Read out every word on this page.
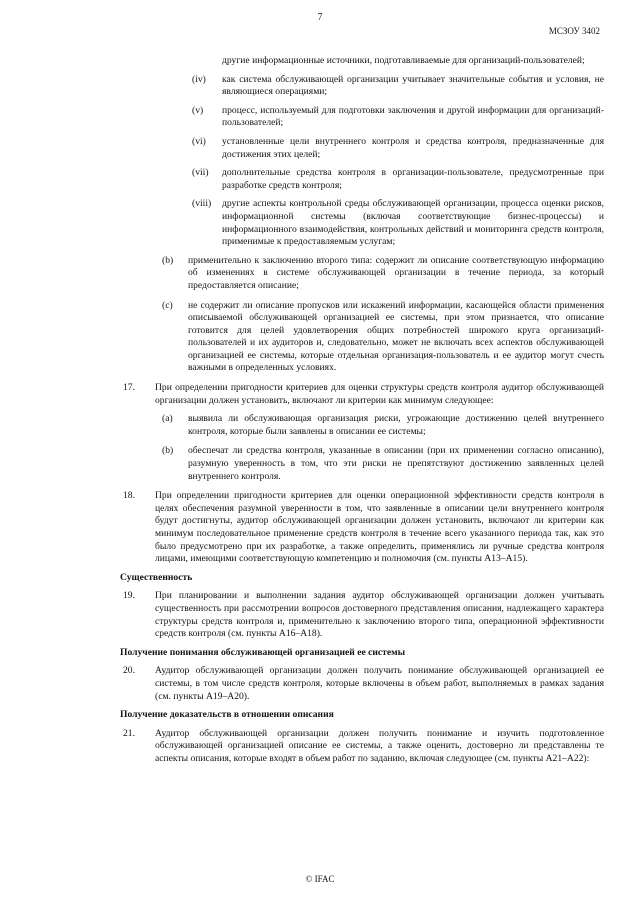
7
МСЗОУ 3402

другие информационные источники, подготавливаемые для организаций-пользователей;

(iv) как система обслуживающей организации учитывает значительные события и условия, не являющиеся операциями;

(v) процесс, используемый для подготовки заключения и другой информации для организаций-пользователей;

(vi) установленные цели внутреннего контроля и средства контроля, предназначенные для достижения этих целей;

(vii) дополнительные средства контроля в организации-пользователе, предусмотренные при разработке средств контроля;

(viii) другие аспекты контрольной среды обслуживающей организации, процесса оценки рисков, информационной системы (включая соответствующие бизнес-процессы) и информационного взаимодействия, контрольных действий и мониторинга средств контроля, применимые к предоставляемым услугам;

(b) применительно к заключению второго типа: содержит ли описание соответствующую информацию об изменениях в системе обслуживающей организации в течение периода, за который предоставляется описание;

(c) не содержит ли описание пропусков или искажений информации, касающейся области применения описываемой обслуживающей организацией ее системы, при этом признается, что описание готовится для целей удовлетворения общих потребностей широкого круга организаций-пользователей и их аудиторов и, следовательно, может не включать всех аспектов обслуживающей организацией ее системы, которые отдельная организация-пользователь и ее аудитор могут счесть важными в определенных условиях.

17. При определении пригодности критериев для оценки структуры средств контроля аудитор обслуживающей организации должен установить, включают ли критерии как минимум следующее:

(a) выявила ли обслуживающая организация риски, угрожающие достижению целей внутреннего контроля, которые были заявлены в описании ее системы;

(b) обеспечат ли средства контроля, указанные в описании (при их применении согласно описанию), разумную уверенность в том, что эти риски не препятствуют достижению заявленных целей внутреннего контроля.

18. При определении пригодности критериев для оценки операционной эффективности средств контроля в целях обеспечения разумной уверенности в том, что заявленные в описании цели внутреннего контроля будут достигнуты, аудитор обслуживающей организации должен установить, включают ли критерии как минимум последовательное применение средств контроля в течение всего указанного периода так, как это было предусмотрено при их разработке, а также определить, применялись ли ручные средства контроля лицами, имеющими соответствующую компетенцию и полномочия (см. пункты A13–A15).

Существенность
19. При планировании и выполнении задания аудитор обслуживающей организации должен учитывать существенность при рассмотрении вопросов достоверного представления описания, надлежащего характера структуры средств контроля и, применительно к заключению второго типа, операционной эффективности средств контроля (см. пункты A16–A18).

Получение понимания обслуживающей организацией ее системы
20. Аудитор обслуживающей организации должен получить понимание обслуживающей организацией ее системы, в том числе средств контроля, которые включены в объем работ, выполняемых в рамках задания (см. пункты A19–A20).

Получение доказательств в отношении описания
21. Аудитор обслуживающей организации должен получить понимание и изучить подготовленное обслуживающей организацией описание ее системы, а также оценить, достоверно ли представлены те аспекты описания, которые входят в объем работ по заданию, включая следующее (см. пункты A21–A22):

© IFAC
